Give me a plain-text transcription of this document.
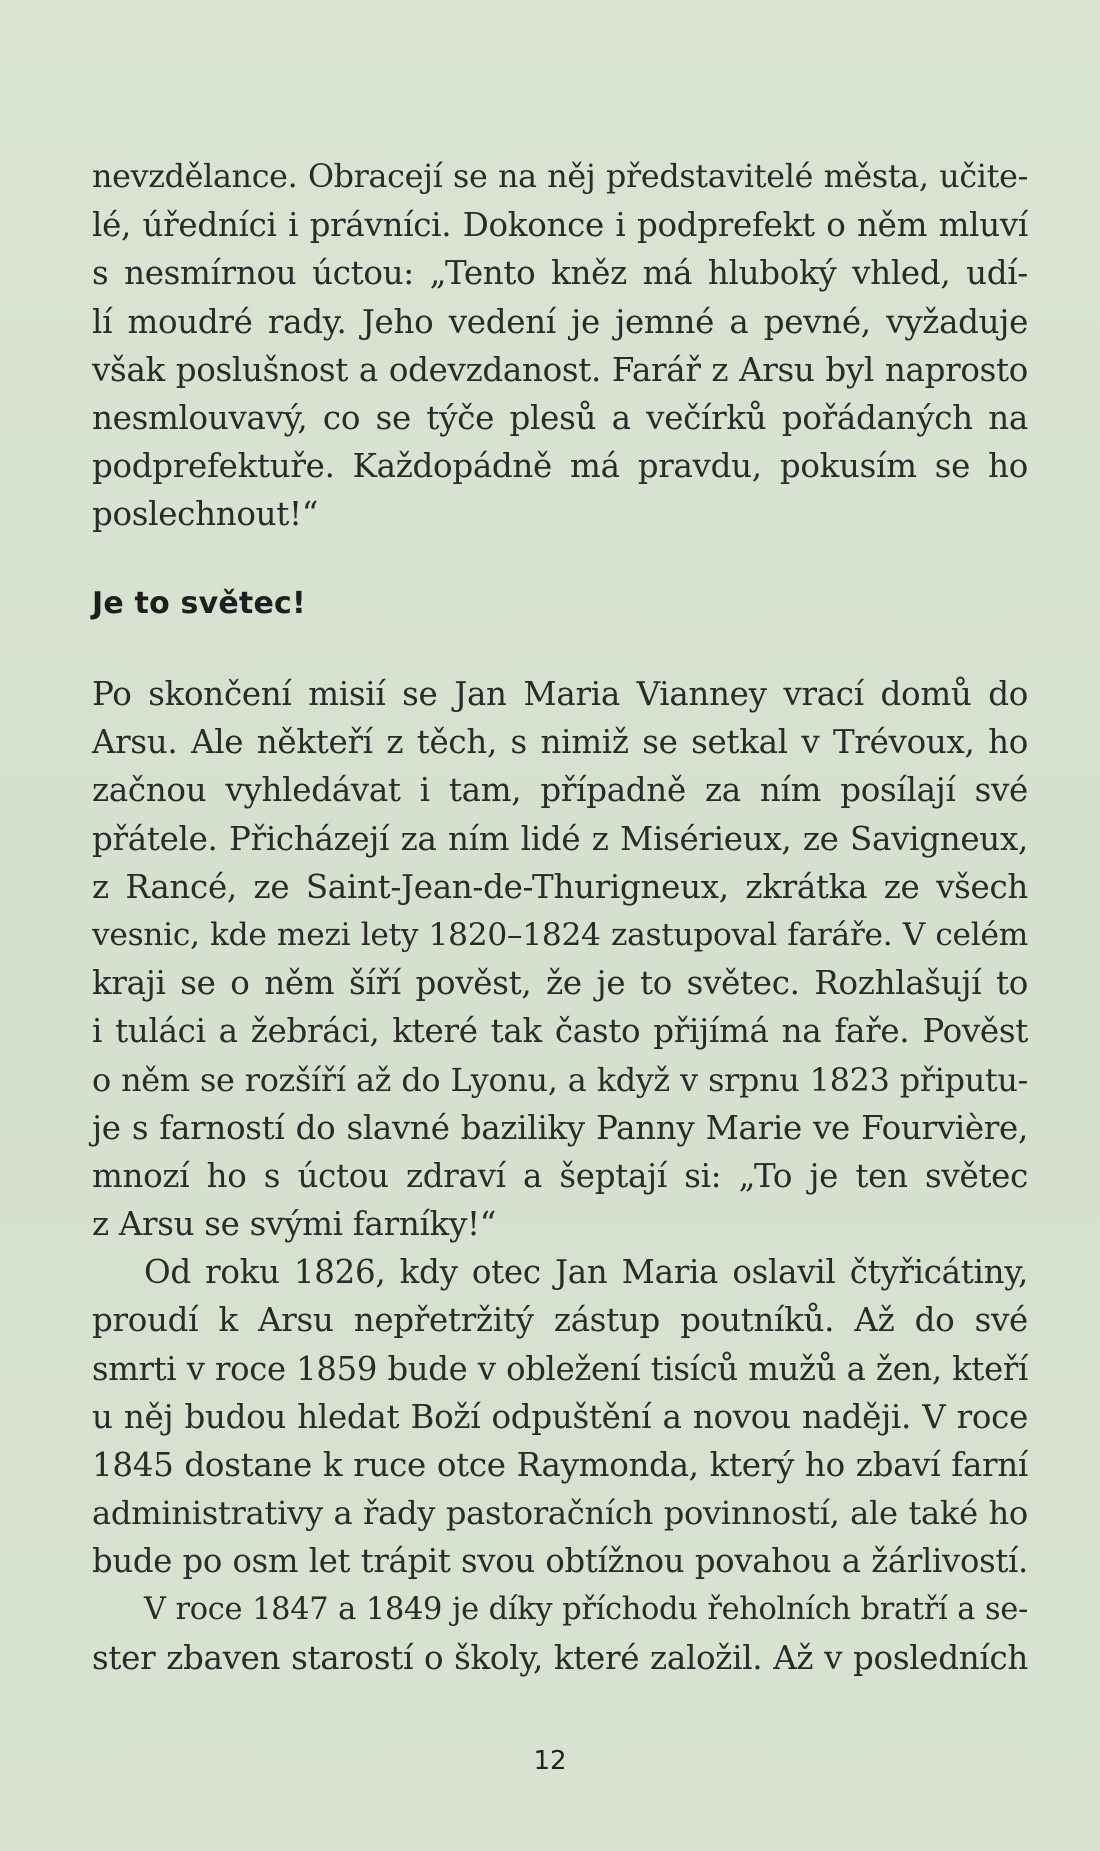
nevzdělance. Obracejí se na něj představitelé města, učite-
lé, úředníci i právníci. Dokonce i podprefekt o něm mluví
s nesmírnou úctou: „Tento kněz má hluboký vhled, udí-
lí moudré rady. Jeho vedení je jemné a pevné, vyžaduje
však poslušnost a odevzdanost. Farář z Arsu byl naprosto
nesmlouvavý, co se týče plesů a večírků pořádaných na
podprefektuře. Každopádně má pravdu, pokusím se ho
poslechnout!“
Je to světec!
Po skončení misií se Jan Maria Vianney vrací domů do
Arsu. Ale někteří z těch, s nimiž se setkal v Trévoux, ho
začnou vyhledávat i tam, případně za ním posílají své
přátele. Přicházejí za ním lidé z Misérieux, ze Savigneux,
z Rancé, ze Saint-Jean-de-Thurigneux, zkrátka ze všech
vesnic, kde mezi lety 1820–1824 zastupoval faráře. V celém
kraji se o něm šíří pověst, že je to světec. Rozhlašují to
i tuláci a žebráci, které tak často přijímá na faře. Pověst
o něm se rozšíří až do Lyonu, a když v srpnu 1823 připutu-
je s farností do slavné baziliky Panny Marie ve Fourvière,
mnozí ho s úctou zdraví a šeptají si: „To je ten světec
z Arsu se svými farníky!“
Od roku 1826, kdy otec Jan Maria oslavil čtyřicátiny,
proudí k Arsu nepřetržitý zástup poutníků. Až do své
smrti v roce 1859 bude v obležení tisíců mužů a žen, kteří
u něj budou hledat Boží odpuštění a novou naději. V roce
1845 dostane k ruce otce Raymonda, který ho zbaví farní
administrativy a řady pastoračních povinností, ale také ho
bude po osm let trápit svou obtížnou povahou a žárlivostí.
V roce 1847 a 1849 je díky příchodu řeholních bratří a se-
ster zbaven starostí o školy, které založil. Až v posledních
12
